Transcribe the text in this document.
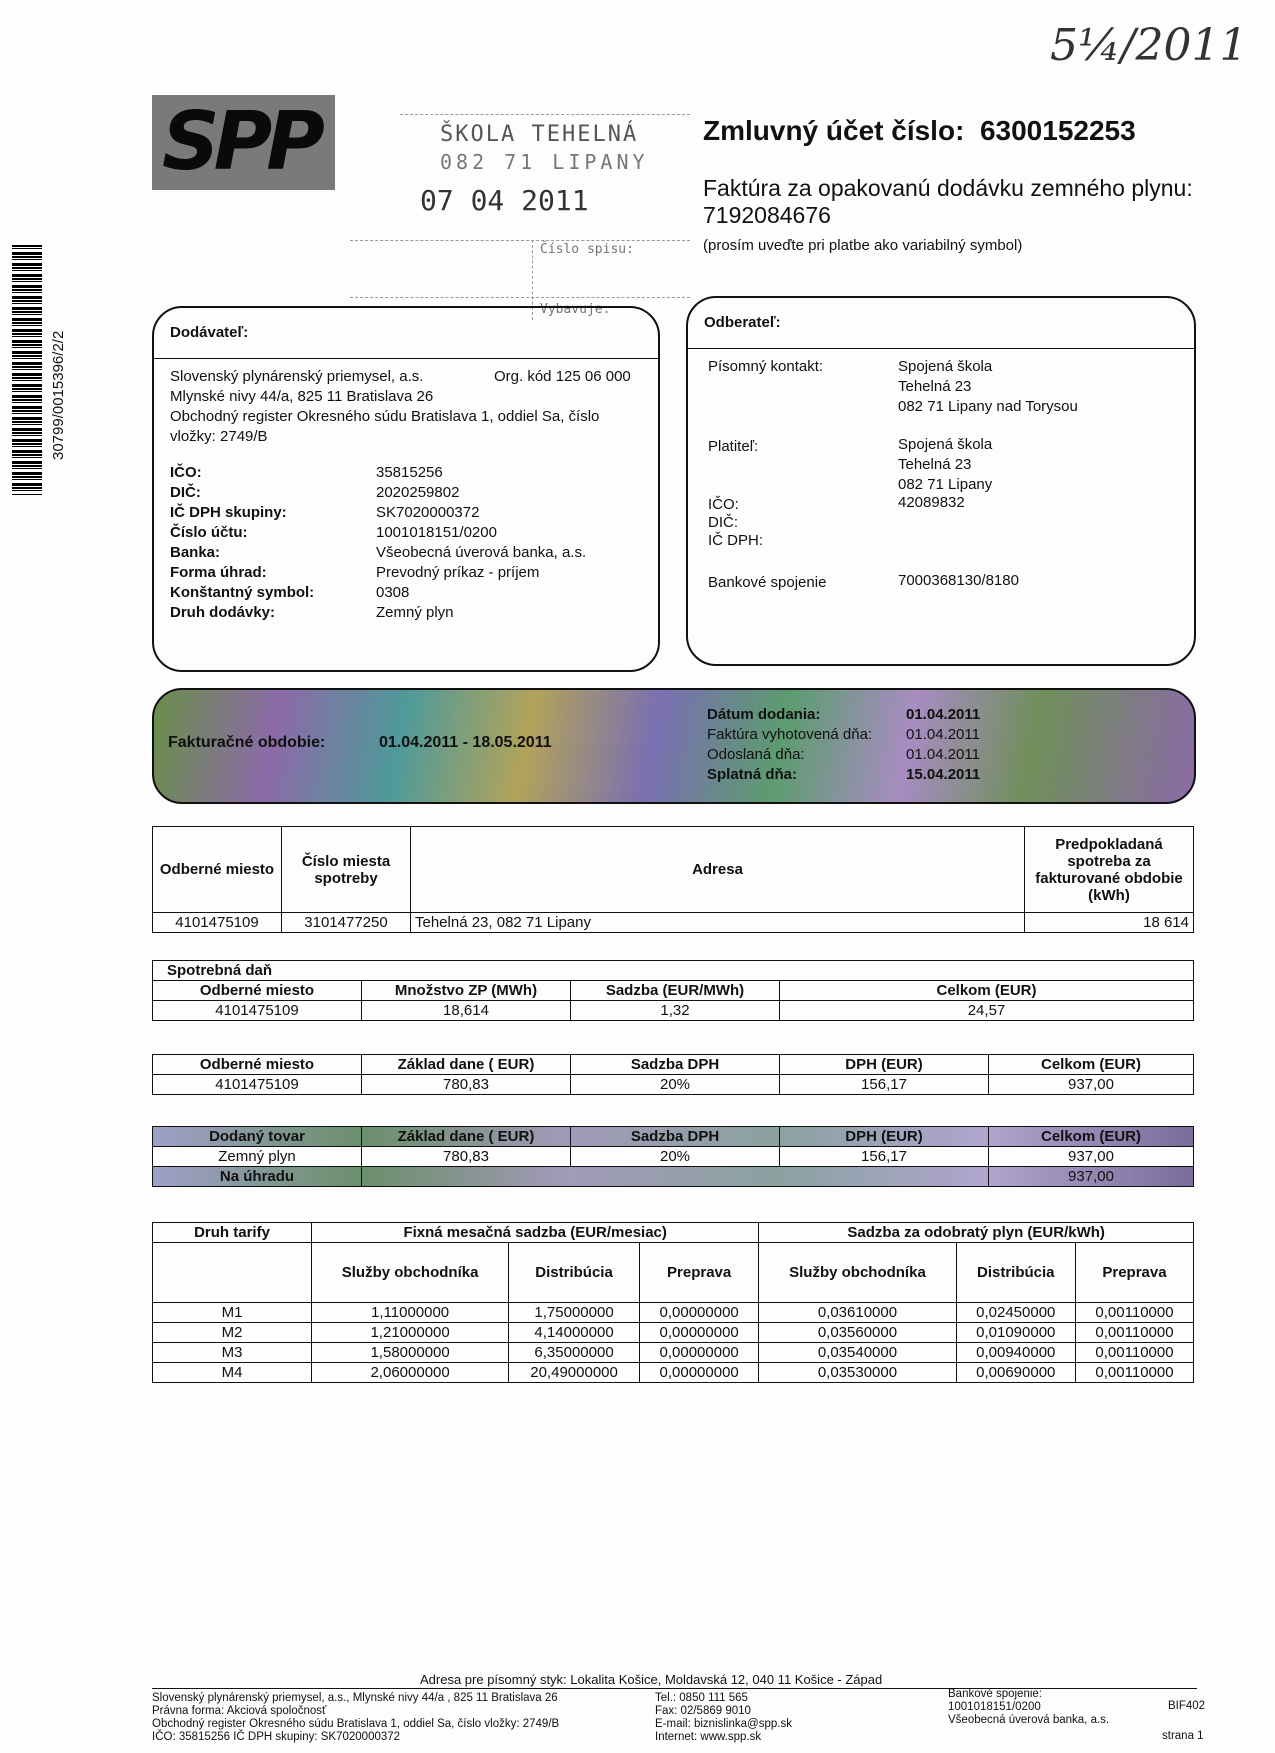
5¼/2011
SPP	ŠKOLA TEHELNÁ
082 71 LIPANY
07 04 2011
Číslo spisu:
Vybavuje:
Zmluvný účet číslo: 6300152253
Faktúra za opakovanú dodávku zemného plynu:
7192084676
(prosím uveďte pri platbe ako variabilný symbol)
30799/0015396/2/2	Dodávateľ:
Slovenský plynárenský priemysel, a.s.	Org. kód 125 06 000
Mlynské nivy 44/a, 825 11 Bratislava 26
Obchodný register Okresného súdu Bratislava 1, oddiel Sa, číslo
vložky: 2749/B
IČO:	35815256
DIČ:	2020259802
IČ DPH skupiny:	SK7020000372
Číslo účtu:	1001018151/0200
Banka:	Všeobecná úverová banka, a.s.
Forma úhrad:	Prevodný príkaz - príjem
Konštantný symbol:	0308
Druh dodávky:	Zemný plyn
Odberateľ:
Písomný kontakt:	Spojená škola
Tehelná 23
082 71 Lipany nad Torysou
Platiteľ:	Spojená škola
Tehelná 23
082 71 Lipany
IČO:	42089832
DIČ:
IČ DPH:
Bankové spojenie	7000368130/8180
Fakturačné obdobie:	01.04.2011 - 18.05.2011
Dátum dodania:	01.04.2011
Faktúra vyhotovená dňa: 01.04.2011
Odoslaná dňa:	01.04.2011
Splatná dňa:	15.04.2011
Odberné miesto	Číslo miesta spotreby	Adresa	Predpokladaná spotreba za fakturované obdobie (kWh)
4101475109	3101477250	Tehelná 23, 082 71 Lipany	18 614
Spotrebná daň			
Odberné miesto	Množstvo ZP (MWh)	Sadzba (EUR/MWh)	Celkom (EUR)
4101475109	18,614	1,32	24,57
Odberné miesto	Základ dane ( EUR)	Sadzba DPH	DPH (EUR)	Celkom (EUR)
4101475109	780,83	20%	156,17	937,00
Dodaný tovar	Základ dane ( EUR)	Sadzba DPH	DPH (EUR)	Celkom (EUR)
Zemný plyn	780,83	20%	156,17	937,00
Na úhradu				937,00
Druh tarify	Fixná mesačná sadzba (EUR/mesiac)			Sadzba za odobratý plyn (EUR/kWh)		
	Služby obchodníka	Distribúcia	Preprava	Služby obchodníka	Distribúcia	Preprava
M1	1,11000000	1,75000000	0,00000000	0,03610000	0,02450000	0,00110000
M2	1,21000000	4,14000000	0,00000000	0,03560000	0,01090000	0,00110000
M3	1,58000000	6,35000000	0,00000000	0,03540000	0,00940000	0,00110000
M4	2,06000000	20,49000000	0,00000000	0,03530000	0,00690000	0,00110000
Adresa pre písomný styk: Lokalita Košice, Moldavská 12, 040 11 Košice - Západ
Slovenský plynárenský priemysel, a.s., Mlynské nivy 44/a , 825 11 Bratislava 26
Právna forma: Akciová spoločnosť
Obchodný register Okresného súdu Bratislava 1, oddiel Sa, číslo vložky: 2749/B
IČO: 35815256 IČ DPH skupiny: SK7020000372
Tel.: 0850 111 565
Fax: 02/5869 9010
E-mail: biznislinka@spp.sk
Internet: www.spp.sk
Bankové spojenie:
1001018151/0200
Všeobecná úverová banka, a.s.
BIF402
strana 1
